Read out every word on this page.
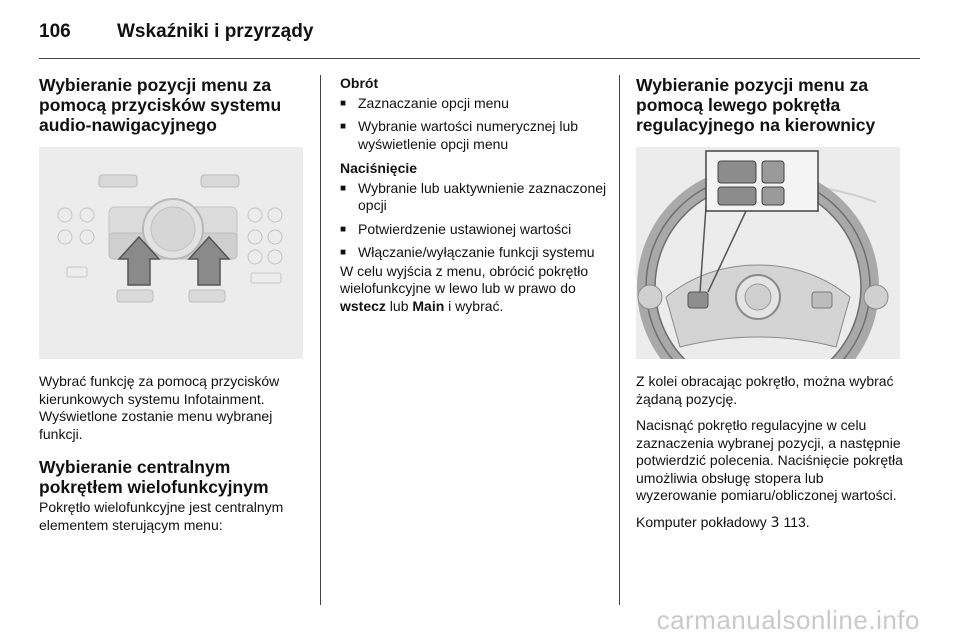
106	Wskaźniki i przyrządy
Wybieranie pozycji menu za pomocą przycisków systemu audio-nawigacyjnego

Wybrać funkcję za pomocą przycisków kierunkowych systemu Infotainment. Wyświetlone zostanie menu wybranej funkcji.

Wybieranie centralnym pokrętłem wielofunkcyjnym

Pokrętło wielofunkcyjne jest centralnym elementem sterującym menu:

Obrót
■ Zaznaczanie opcji menu
■ Wybranie wartości numerycznej lub wyświetlenie opcji menu
Naciśnięcie
■ Wybranie lub uaktywnienie zaznaczonej opcji
■ Potwierdzenie ustawionej wartości
■ Włączanie/wyłączanie funkcji systemu

W celu wyjścia z menu, obrócić pokrętło wielofunkcyjne w lewo lub w prawo do wstecz lub Main i wybrać.

Wybieranie pozycji menu za pomocą lewego pokrętła regulacyjnego na kierownicy

Z kolei obracając pokrętło, można wybrać żądaną pozycję.

Nacisnąć pokrętło regulacyjne w celu zaznaczenia wybranej pozycji, a następnie potwierdzić polecenia. Naciśnięcie pokrętła umożliwia obsługę stopera lub wyzerowanie pomiaru/obliczonej wartości.

Komputer pokładowy 3 113.

carmanualsonline.info
